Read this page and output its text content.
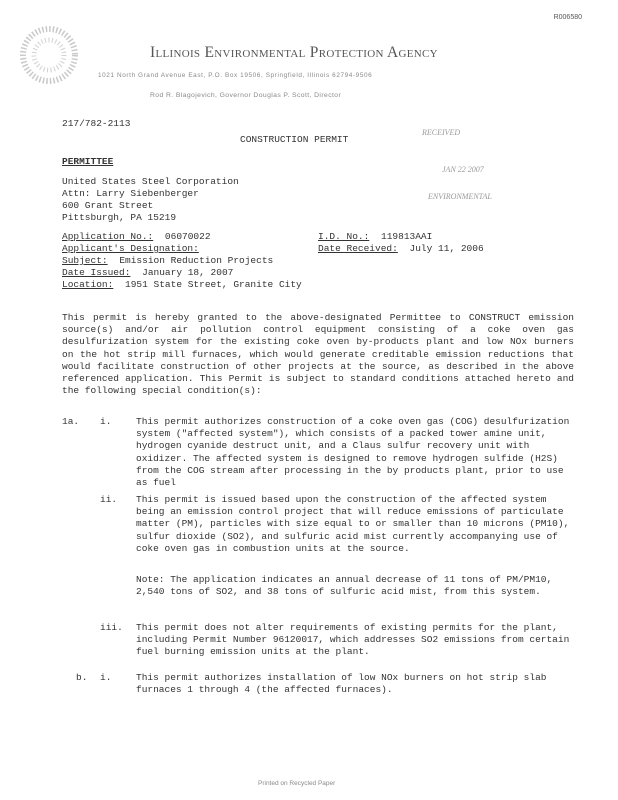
R006580
Illinois Environmental Protection Agency
1021 North Grand Avenue East, P.O. Box 19506, Springfield, Illinois 62794-9506
Rod R. Blagojevich, Governor Douglas P. Scott, Director
217/782-2113
CONSTRUCTION PERMIT
RECEIVED
JAN 22 2007
ENVIRONMENTAL
PERMITTEE
United States Steel Corporation
Attn: Larry Siebenberger
600 Grant Street
Pittsburgh, PA 15219
Application No.: 06070022	I.D. No.: 119813AAI
Applicant's Designation:	Date Received: July 11, 2006
Subject: Emission Reduction Projects
Date Issued: January 18, 2007
Location: 1951 State Street, Granite City
This permit is hereby granted to the above-designated Permittee to CONSTRUCT emission source(s) and/or air pollution control equipment consisting of a coke oven gas desulfurization system for the existing coke oven by-products plant and low NOx burners on the hot strip mill furnaces, which would generate creditable emission reductions that would facilitate construction of other projects at the source, as described in the above referenced application. This Permit is subject to standard conditions attached hereto and the following special condition(s):
1a. i.	This permit authorizes construction of a coke oven gas (COG) desulfurization system ("affected system"), which consists of a packed tower amine unit, hydrogen cyanide destruct unit, and a Claus sulfur recovery unit with oxidizer. The affected system is designed to remove hydrogen sulfide (H2S) from the COG stream after processing in the by products plant, prior to use as fuel
ii. This permit is issued based upon the construction of the affected system being an emission control project that will reduce emissions of particulate matter (PM), particles with size equal to or smaller than 10 microns (PM10), sulfur dioxide (SO2), and sulfuric acid mist currently accompanying use of coke oven gas in combustion units at the source.
Note: The application indicates an annual decrease of 11 tons of PM/PM10, 2,540 tons of SO2, and 38 tons of sulfuric acid mist, from this system.
iii. This permit does not alter requirements of existing permits for the plant, including Permit Number 96120017, which addresses SO2 emissions from certain fuel burning emission units at the plant.
b. i.	This permit authorizes installation of low NOx burners on hot strip slab furnaces 1 through 4 (the affected furnaces).
Printed on Recycled Paper
